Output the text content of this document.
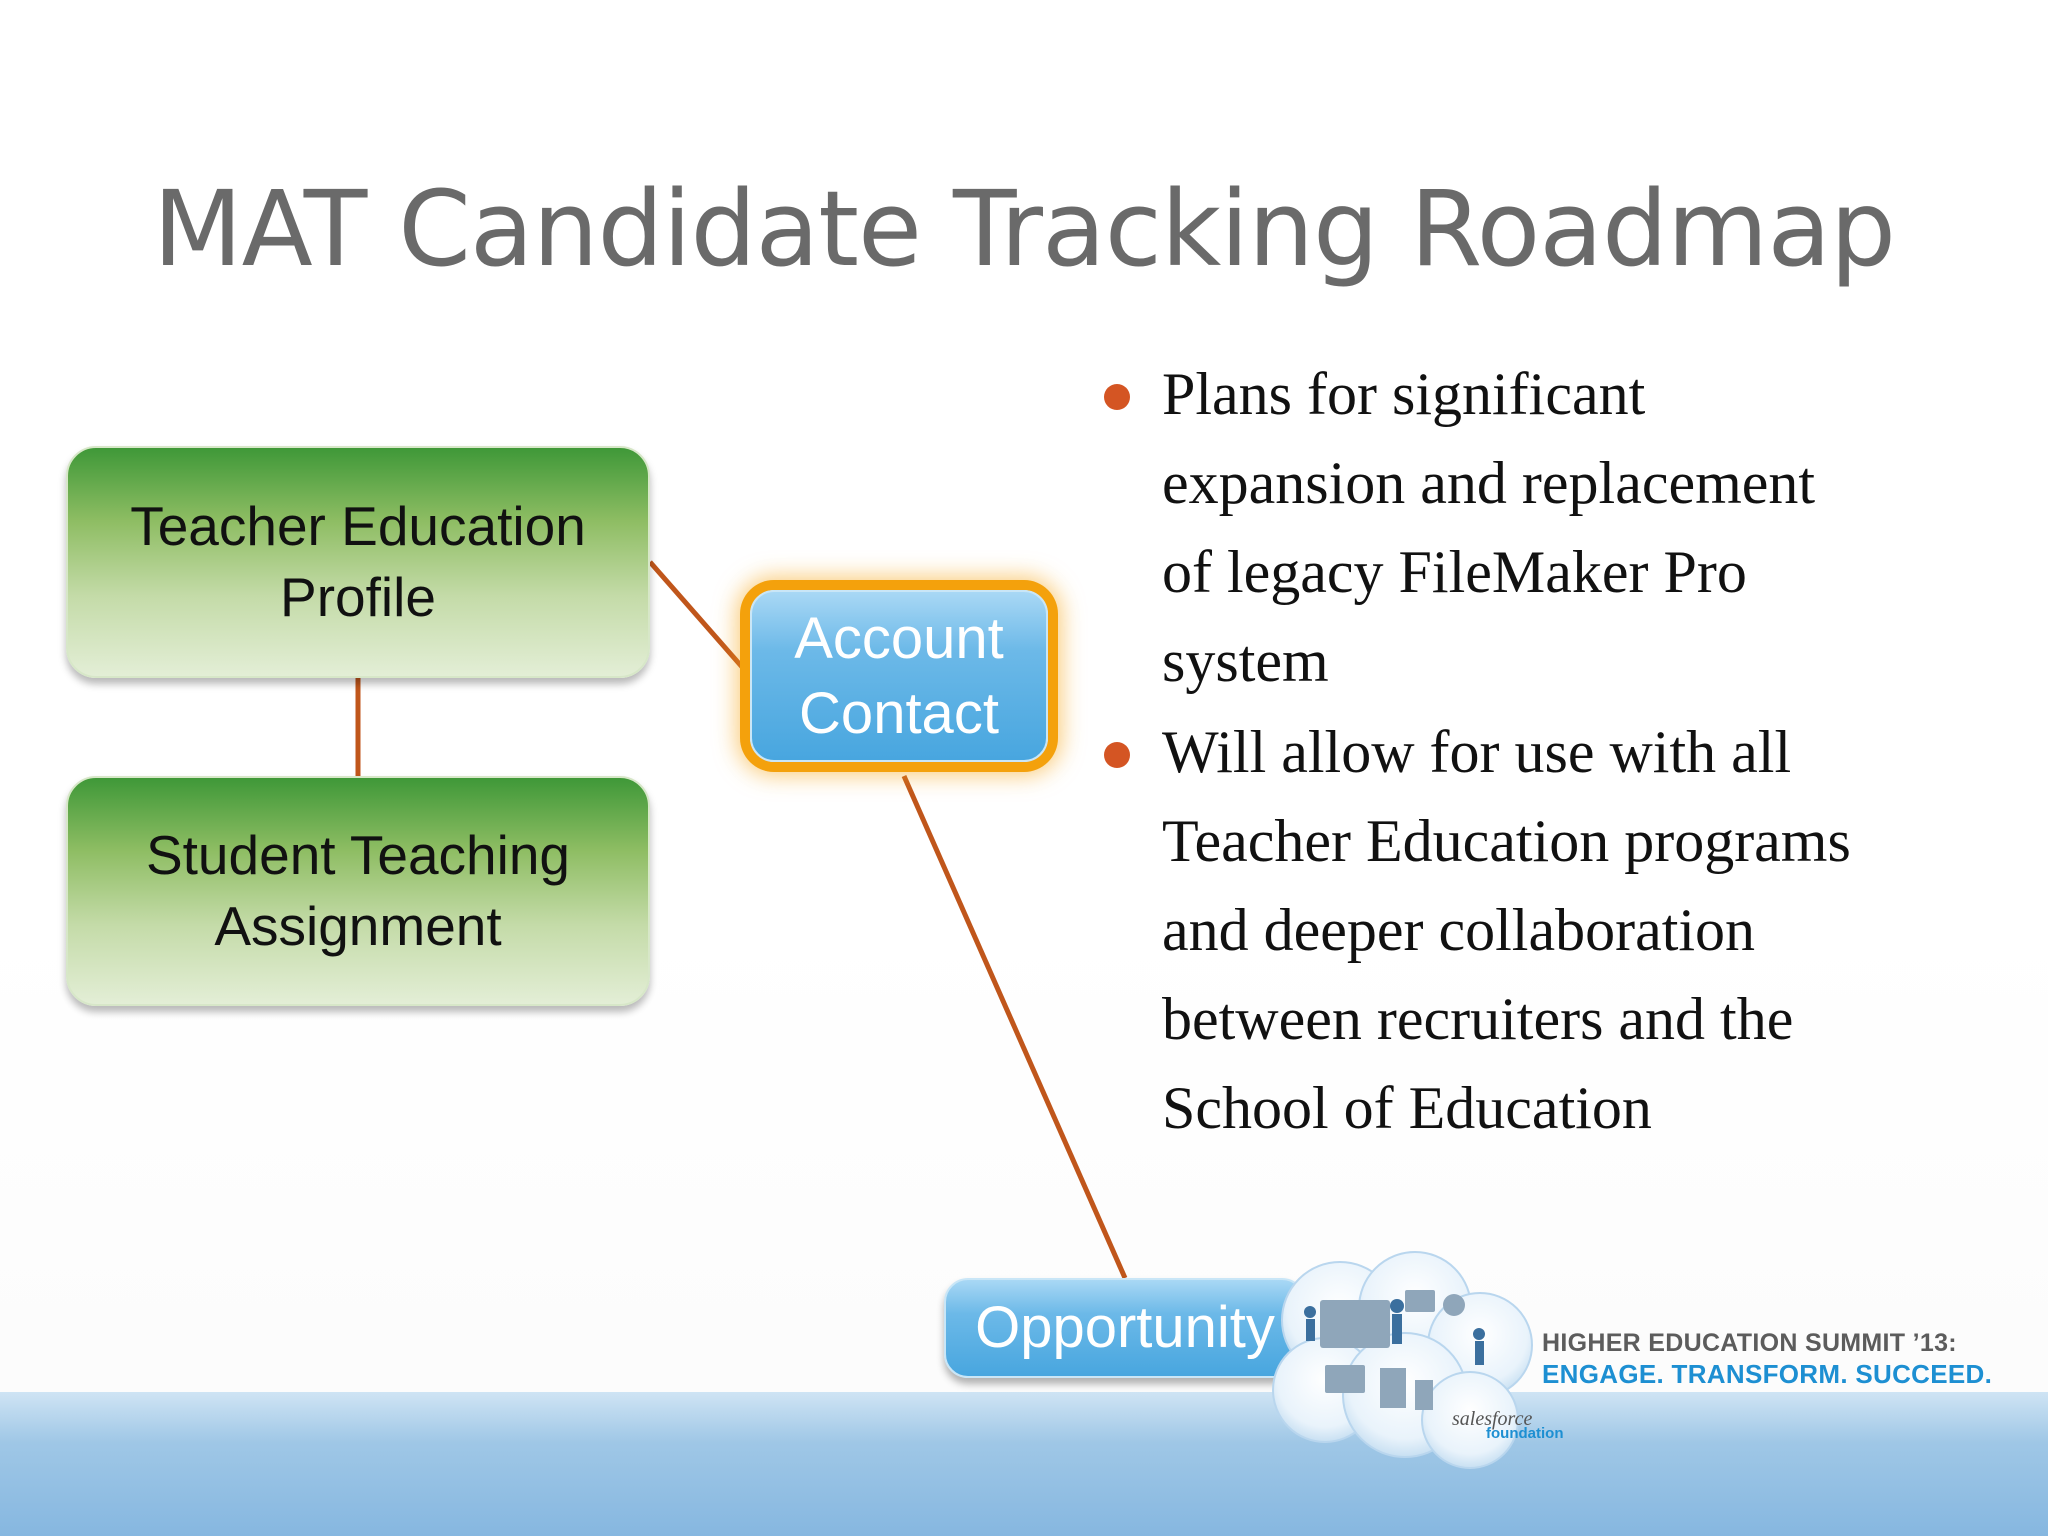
MAT Candidate Tracking Roadmap
Teacher Education
Profile
Student Teaching
Assignment
Account
Contact
Opportunity
Plans for significant
expansion and replacement
of legacy FileMaker Pro
system
Will allow for use with all
Teacher Education programs
and deeper collaboration
between recruiters and the
School of Education
salesforce
foundation
HIGHER EDUCATION SUMMIT ’13:
ENGAGE. TRANSFORM. SUCCEED.
